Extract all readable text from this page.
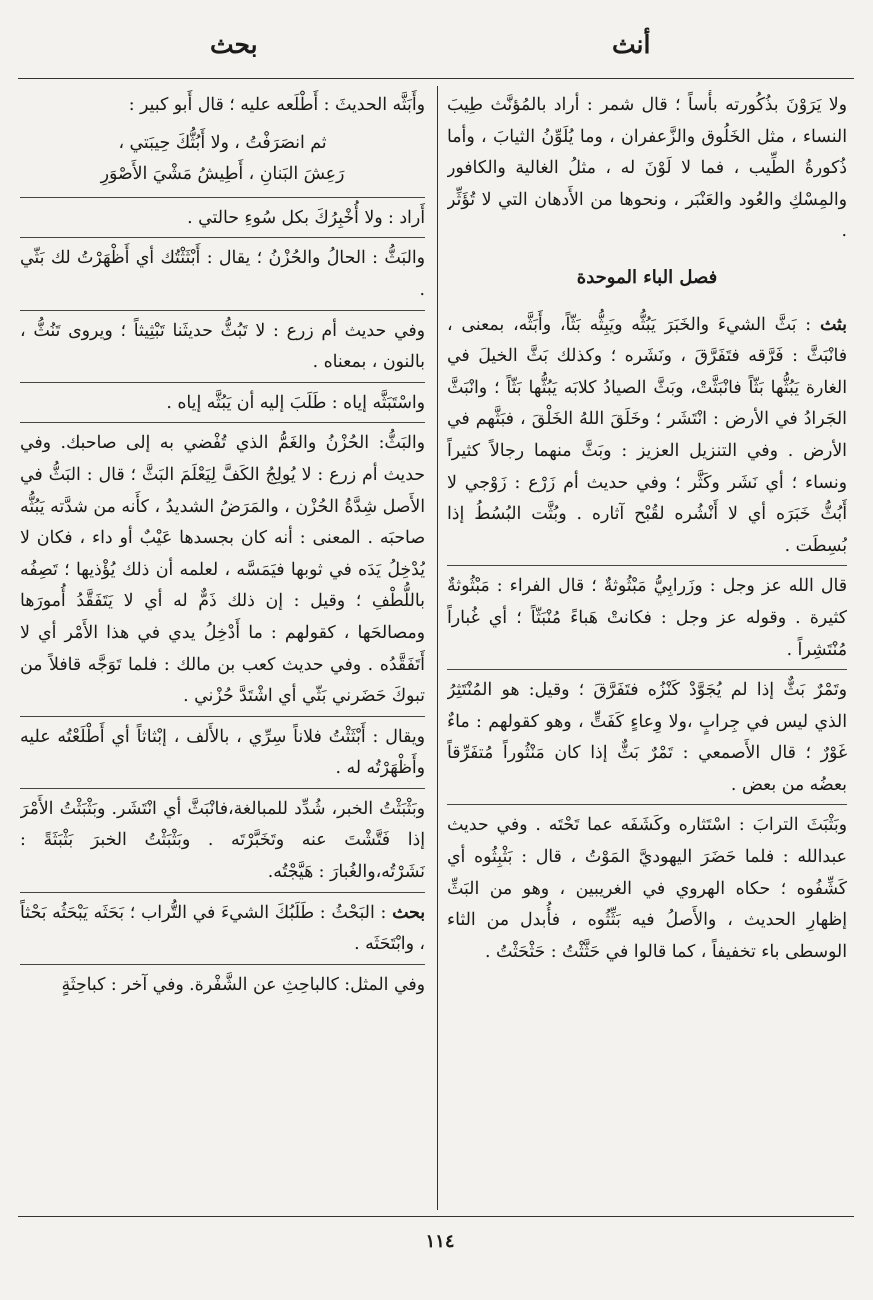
أنث
بحث

ولا يَرَوْنَ بذُكُورته بأْساً ؛ قال شمر : أراد بالمُؤنَّث طِيبَ النساء ، مثل الخَلُوق والزَّعفران ، وما يُلَوِّنُ الثيابَ ، وأما ذُكورةُ الطِّيب ، فما لا لَوْنَ له ، مثلُ الغالية والكافور والمِسْكِ والعُود والعَنْبَر ، ونحوها من الأَدهان التي لا تُؤَثِّر .

فصل الباء الموحدة

بثث : بَثَّ الشيءَ والخَبَرَ يَبُثُّه ويَبِثُّه بَثّاً، وأَبَثَّه، بمعنى ، فانْبَثَّ : فَرَّقه فتَفَرَّقَ ، ونَشَره ؛ وكذلك بَثَّ الخيلَ في الغارة يَبُثُّها بَثّاً فانْبَثَّتْ، وبَثَّ الصيادُ كلابَه يَبُثُّها بَثّاً ؛ وانْبَثَّ الجَرادُ في الأرض : انْتَشَر ؛ وخَلَقَ اللهُ الخَلْقَ ، فبَثَّهم في الأرض . وفي التنزيل العزيز : وبَثَّ منهما رجالاً كثيراً ونساء ؛ أي نَشَر وكَثَّر ؛ وفي حديث أم زَرْع : زَوْجي لا أَبُثُّ خَبَرَه أي لا أَنْشُره لقُبْح آثاره . وبُثَّت البُسُطُ إذا بُسِطَت .

قال الله عز وجل : وزَرابِيُّ مَبْثُوثةٌ ؛ قال الفراء : مَبْثُوثةٌ كثيرة . وقوله عز وجل : فكانتْ هَباءً مُنْبَثّاً ؛ أي غُباراً مُنْتَشِراً .

وتَمْرٌ بَثٌّ إذا لم يُجَوَّدْ كَنْزُه فتَفَرَّقَ ؛ وقيل: هو المُنْتَثِرُ الذي ليس في جِرابٍ ،ولا وِعاءٍ كَفَتٍّ ، وهو كقولهم : ماءٌ غَوْرٌ ؛ قال الأَصمعي : تَمْرٌ بَثٌّ إذا كان مَنْثُوراً مُتفَرِّقاً بعضُه من بعض .

وبَثْبَثَ الترابَ : اسْتَثاره وكَشَفَه عما تَحْتَه . وفي حديث عبدالله : فلما حَضَرَ اليهوديَّ المَوْتُ ، قال : بَثْبِثُوه أي كَشِّفُوه ؛ حكاه الهروي في الغريبين ، وهو من البَثِّ إظهارِ الحديث ، والأَصلُ فيه بَثِّثُوه ، فأُبدل من الثاء الوسطى باء تخفيفاً ، كما قالوا في حَثَّثْتُ : حَثْحَثْتُ .

وأَبَثَّه الحديثَ : أَطْلَعه عليه ؛ قال أَبو كبير :

ثم انصَرَفْتُ ، ولا أَبُثُّكَ حِيبَتي ،
رَعِشَ البَنانِ ، أَطِيشُ مَشْيَ الأَصْوَرِ

أَراد : ولا أُخْبِرُكَ بكل سُوءِ حالتي .

والبَثُّ : الحالُ والحُزْنُ ؛ يقال : أَبْثَثْتُك أي أَظْهَرْتُ لك بَثّي .

وفي حديث أم زرع : لا تَبُثُّ حديثَنا تَبْثِيثاً ؛ ويروى تَنُثُّ ، بالنون ، بمعناه .

واسْتَبَثَّه إياه : طَلَبَ إليه أن يَبُثَّه إياه .

والبَثُّ: الحُزْنُ والغَمُّ الذي تُفْضي به إلى صاحبك. وفي حديث أم زرع : لا يُولِجُ الكَفَّ لِيَعْلَمَ البَثَّ ؛ قال : البَثُّ في الأَصل شِدَّةُ الحُزْن ، والمَرَضُ الشديدُ ، كأَنه من شدَّته يَبُثُّه صاحبَه . المعنى : أنه كان بجسدها عَيْبٌ أو داء ، فكان لا يُدْخِلُ يَدَه في ثوبها فيَمَسَّه ، لعلمه أن ذلك يُؤْذيها ؛ تَصِفُه باللُّطْفِ ؛ وقيل : إن ذلك ذَمٌّ له أي لا يَتَفَقَّدُ أُمورَها ومصالحَها ، كقولهم : ما أَدْخِلُ يدي في هذا الأَمْر أي لا أَتَفَقَّدُه . وفي حديث كعب بن مالك : فلما تَوَجَّه قافلاً من تبوكَ حَضَرني بَثّي أي اشْتَدَّ حُزْني .

ويقال : أَبْثَثْتُ فلاناً سِرِّي ، بالأَلف ، إبْثاثاً أي أَطْلَعْتُه عليه وأَظْهَرْتُه له .

وبَثْبَثْتُ الخبر، شُدِّد للمبالغة،فانْبَثَّ أي انْتَشَر. وبَثْبَثْتُ الأَمْرَ إذا فَتَّشْتَ عنه وتَخَبَّرْتَه . وبَثْبَثْتُ الخبرَ بَثْبَثَةً : نَشَرْتُه،والغُبارَ : هَيَّجْتُه.

بحث : البَحْثُ : طَلَبُكَ الشيءَ في التُّراب ؛ بَحَثَه يَبْحَثُه بَحْثاً ، وابْتَحَثَه .

وفي المثل: كالباحِثِ عن الشَّفْرة. وفي آخر : كباحِثَةٍ

١١٤
